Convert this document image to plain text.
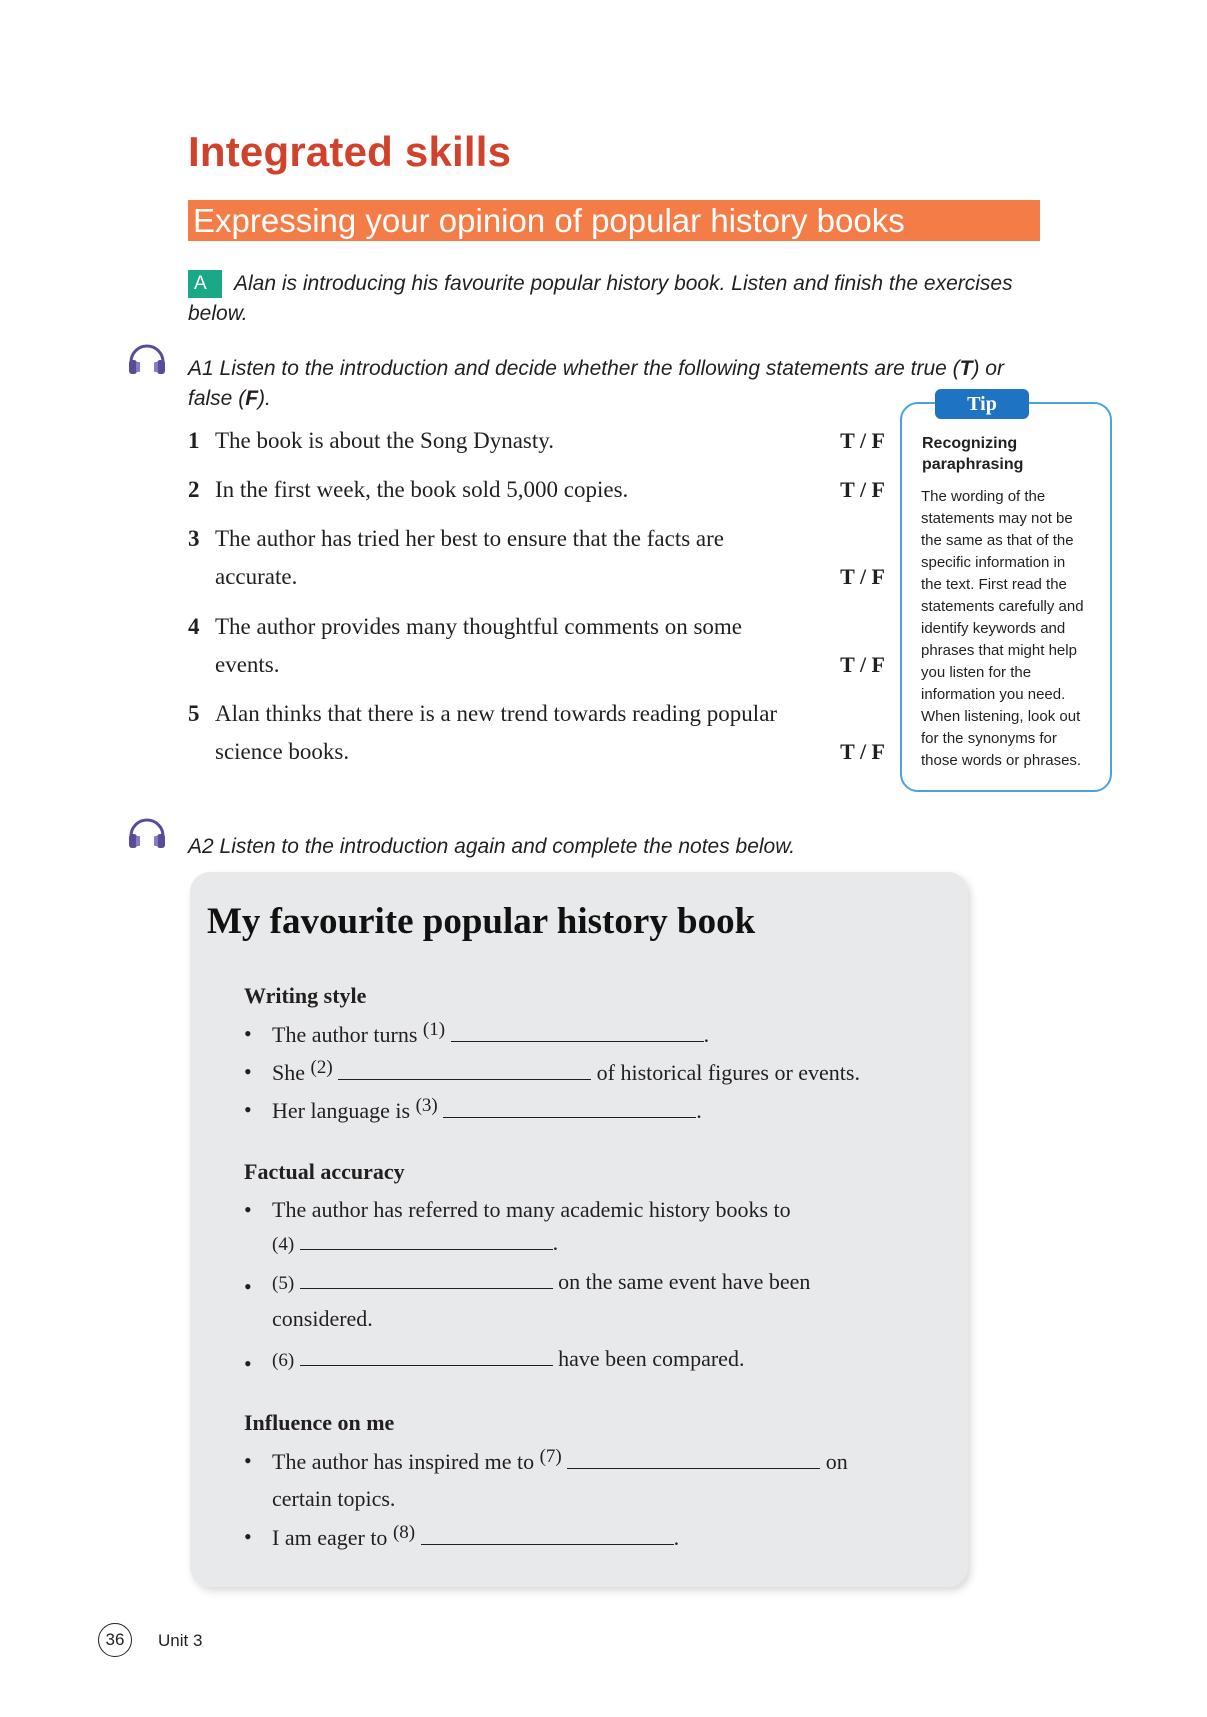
Integrated skills
Expressing your opinion of popular history books
A	Alan is introducing his favourite popular history book. Listen and finish the exercises
below.
A1 Listen to the introduction and decide whether the following statements are true (T) or
false (F).
1 The book is about the Song Dynasty.	T / F
2 In the first week, the book sold 5,000 copies.	T / F
3 The author has tried her best to ensure that the facts are
accurate.	T / F
4 The author provides many thoughtful comments on some
events.	T / F
5 Alan thinks that there is a new trend towards reading popular
science books.	T / F
Tip
Recognizing
paraphrasing
The wording of the
statements may not be
the same as that of the
specific information in
the text. First read the
statements carefully and
identify keywords and
phrases that might help
you listen for the
information you need.
When listening, look out
for the synonyms for
those words or phrases.
A2 Listen to the introduction again and complete the notes below.
My favourite popular history book
Writing style
• The author turns (1)	.
• She (2)	of historical figures or events.
• Her language is (3)	.
Factual accuracy
• The author has referred to many academic history books to
(4)	.
• (5)	on the same event have been
considered.
• (6)	have been compared.
Influence on me
• The author has inspired me to (7)	on
certain topics.
• I am eager to (8)	.
36	Unit 3
